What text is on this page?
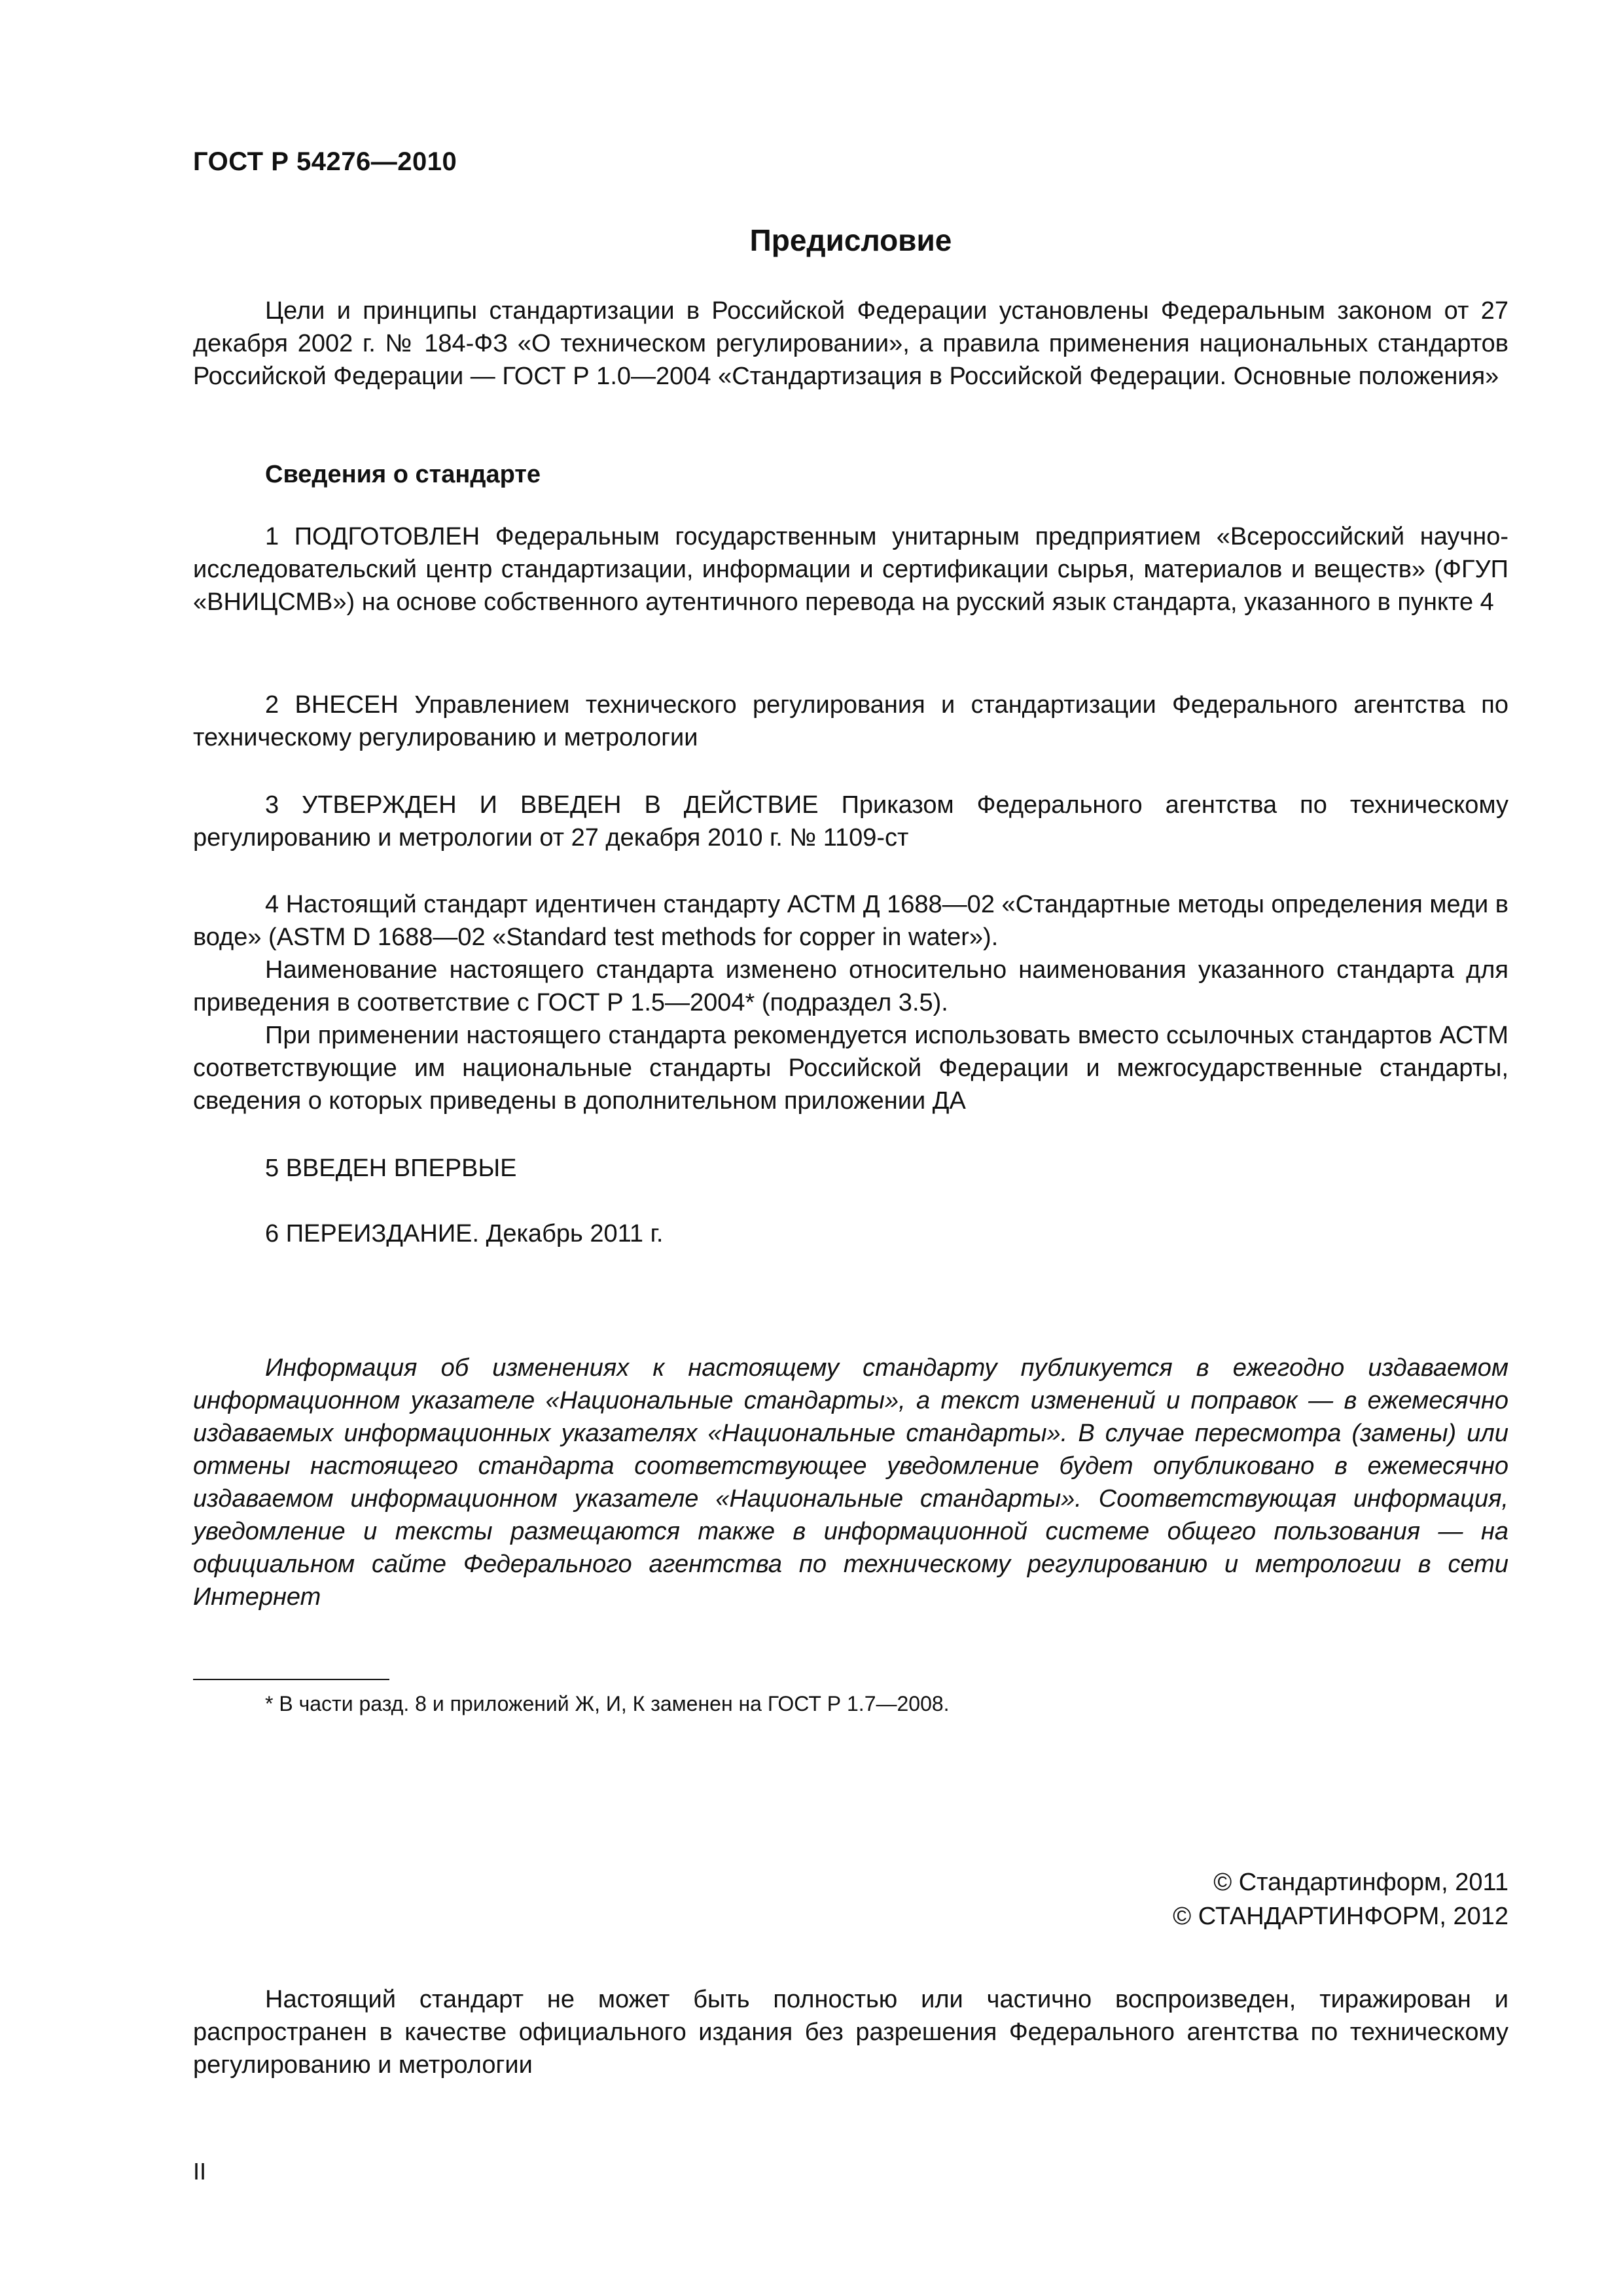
ГОСТ Р 54276—2010
Предисловие

Цели и принципы стандартизации в Российской Федерации установлены Федеральным законом от 27 декабря 2002 г. № 184-ФЗ «О техническом регулировании», а правила применения национальных стандартов Российской Федерации — ГОСТ Р 1.0—2004 «Стандартизация в Российской Федерации. Основные положения»

Сведения о стандарте

1 ПОДГОТОВЛЕН Федеральным государственным унитарным предприятием «Всероссийский научно-исследовательский центр стандартизации, информации и сертификации сырья, материалов и веществ» (ФГУП «ВНИЦСМВ») на основе собственного аутентичного перевода на русский язык стандарта, указанного в пункте 4

2 ВНЕСЕН Управлением технического регулирования и стандартизации Федерального агентства по техническому регулированию и метрологии

3 УТВЕРЖДЕН И ВВЕДЕН В ДЕЙСТВИЕ Приказом Федерального агентства по техническому регулированию и метрологии от 27 декабря 2010 г. № 1109-ст

4 Настоящий стандарт идентичен стандарту АСТМ Д 1688—02 «Стандартные методы определения меди в воде» (ASTM D 1688—02 «Standard test methods for copper in water»).

Наименование настоящего стандарта изменено относительно наименования указанного стандарта для приведения в соответствие с ГОСТ Р 1.5—2004* (подраздел 3.5).

При применении настоящего стандарта рекомендуется использовать вместо ссылочных стандартов АСТМ соответствующие им национальные стандарты Российской Федерации и межгосударственные стандарты, сведения о которых приведены в дополнительном приложении ДА

5 ВВЕДЕН ВПЕРВЫЕ

6 ПЕРЕИЗДАНИЕ. Декабрь 2011 г.

Информация об изменениях к настоящему стандарту публикуется в ежегодно издаваемом информационном указателе «Национальные стандарты», а текст изменений и поправок — в ежемесячно издаваемых информационных указателях «Национальные стандарты». В случае пересмотра (замены) или отмены настоящего стандарта соответствующее уведомление будет опубликовано в ежемесячно издаваемом информационном указателе «Национальные стандарты». Соответствующая информация, уведомление и тексты размещаются также в информационной системе общего пользования — на официальном сайте Федерального агентства по техническому регулированию и метрологии в сети Интернет

* В части разд. 8 и приложений Ж, И, К заменен на ГОСТ Р 1.7—2008.
© Стандартинформ, 2011
© СТАНДАРТИНФОРМ, 2012

Настоящий стандарт не может быть полностью или частично воспроизведен, тиражирован и распространен в качестве официального издания без разрешения Федерального агентства по техническому регулированию и метрологии

II
